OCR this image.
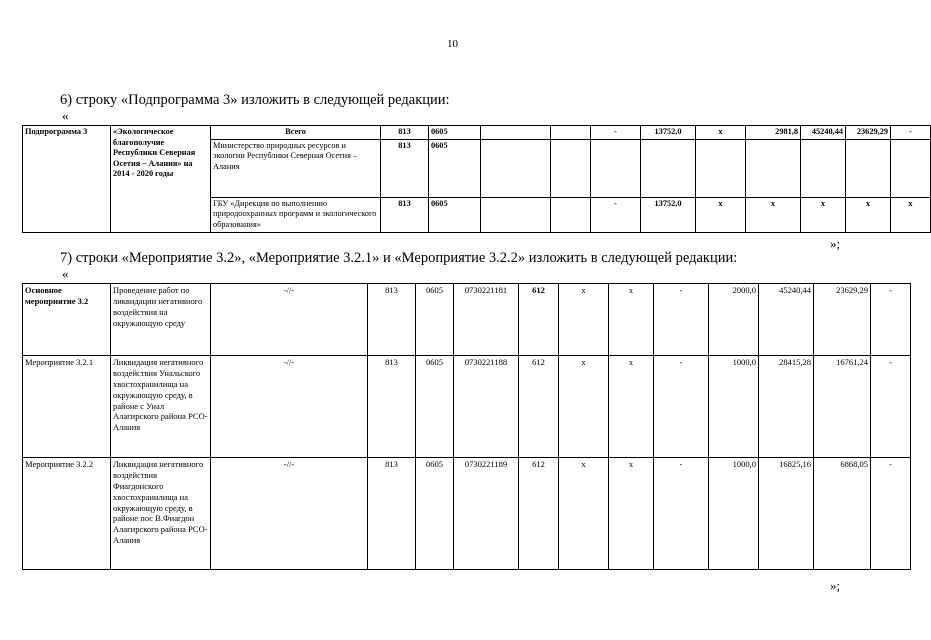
10
6) строку «Подпрограмма 3» изложить в следующей редакции:
«
Подпрограмма 3	«Экологическое благополучие Республики Северная Осетия – Алания» на 2014 - 2020 годы	Всего	813	0605			-	13752,0	х	2981,8	45240,44	23629,29	-
		Министерство природных ресурсов и экологии Республики Северная Осетия – Алания	813	0605									
		ГБУ «Дирекция по выполнению природоохранных программ и экологического образования»	813	0605			-	13752,0	х	х	х	х	х
»;
7) строки «Мероприятие 3.2», «Мероприятие 3.2.1» и «Мероприятие 3.2.2» изложить в следующей редакции:
«
Основное мероприятие 3.2	Проведение работ по ликвидации негативного воздействия на окружающую среду	-//-	813	0605	0730221181	612	х	х	-	2000,0	45240,44	23629,29	-
Мероприятие 3.2.1	Ликвидация негативного воздействия Унальского хвостохранилища на окружающую среду, в районе с Унал Алагирского района РСО-Алания	-//-	813	0605	0730221188	612	х	х	-	1000,0	28415,28	16761,24	-
Мероприятие 3.2.2	Ликвидация негативного воздействия Фиагдонского хвостохранилища на окружающую среду, в районе пос В.Фиагдон Алагирского района РСО-Алания	-//-	813	0605	0730221189	612	х	х	-	1000,0	16825,16	6868,05	-
»;
